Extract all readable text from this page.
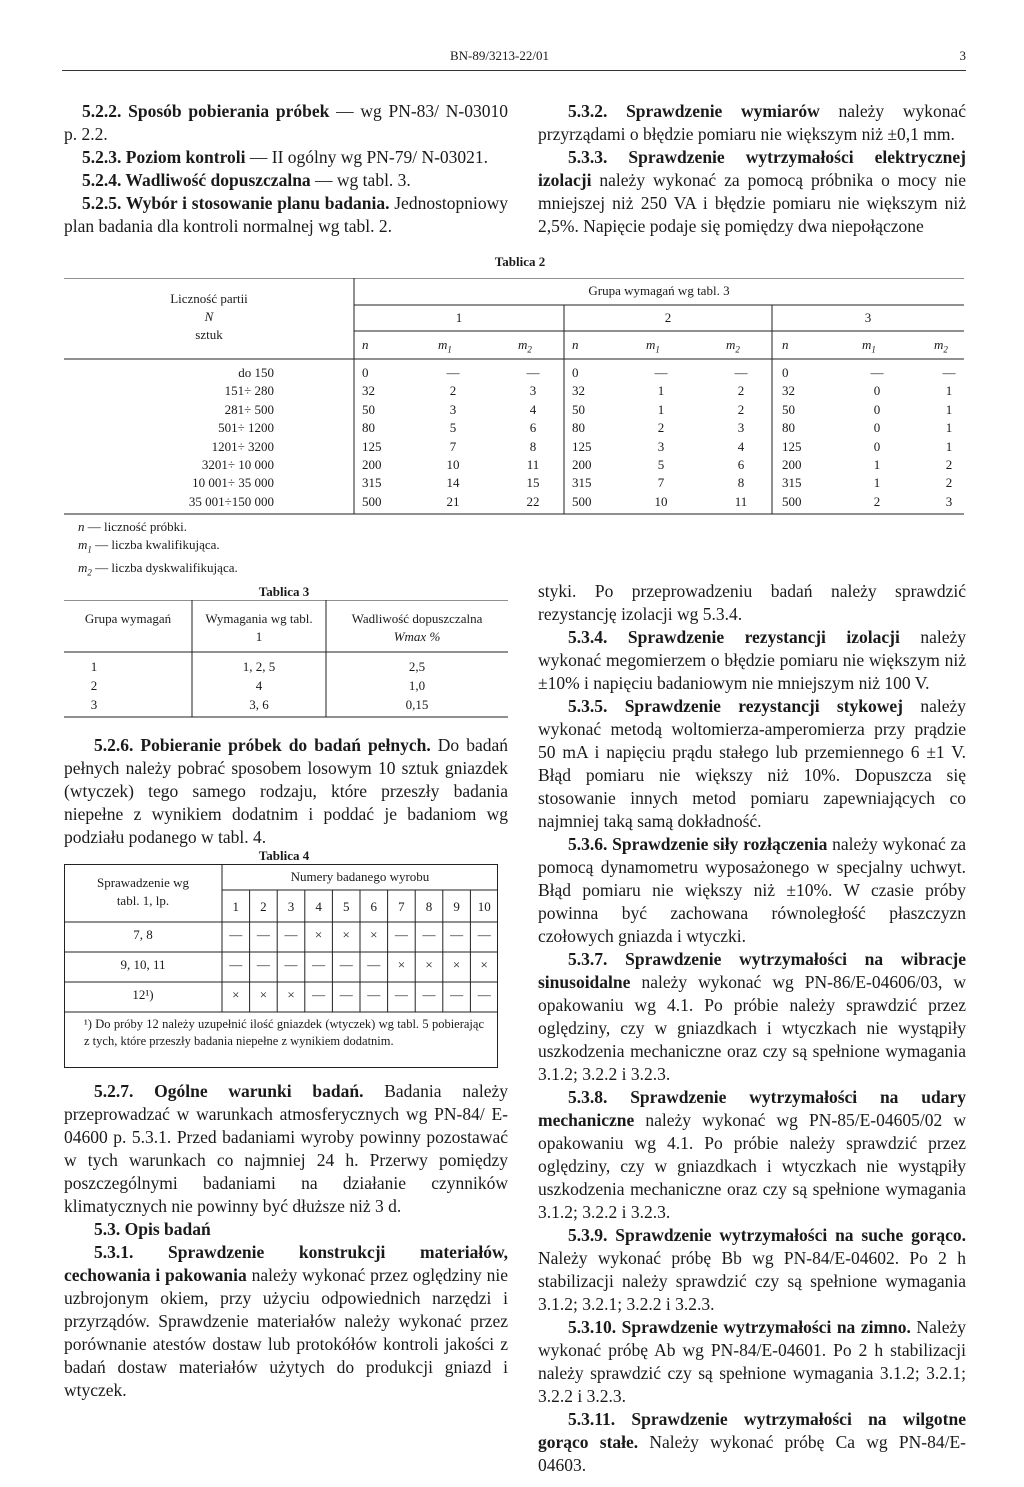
BN-89/3213-22/01	3

5.2.2. Sposób pobierania próbek — wg PN-83/ N-03010 p. 2.2.

5.2.3. Poziom kontroli — II ogólny wg PN-79/ N-03021.

5.2.4. Wadliwość dopuszczalna — wg tabl. 3.

5.2.5. Wybór i stosowanie planu badania. Jednostopniowy plan badania dla kontroli normalnej wg tabl. 2.

5.3.2. Sprawdzenie wymiarów należy wykonać przyrządami o błędzie pomiaru nie większym niż ±0,1 mm.

5.3.3. Sprawdzenie wytrzymałości elektrycznej izolacji należy wykonać za pomocą próbnika o mocy nie mniejszej niż 250 VA i błędzie pomiaru nie większym niż 2,5%. Napięcie podaje się pomiędzy dwa niepołączone

Tablica 2
Liczność partii
N
sztuk
Grupa wymagań wg tabl. 3
1	2	3
n	$m_1$	$m_2$	n	$m_1$	$m_2$	n	$m_1$	$m_2$
do 150	0	—	—	0	—	—	0	—	—
151÷ 280	32	2	3	32	1	2	32	0	1
281÷ 500	50	3	4	50	1	2	50	0	1
501÷ 1200	80	5	6	80	2	3	80	0	1
1201÷ 3200	125	7	8	125	3	4	125	0	1
3201÷ 10 000	200	10	11	200	5	6	200	1	2
10 001÷ 35 000	315	14	15	315	7	8	315	1	2
35 001÷150 000	500	21	22	500	10	11	500	2	3
n — liczność próbki.
$m_1$ — liczba kwalifikująca.
$m_2$ — liczba dyskwalifikująca.
Tablica 3
Grupa wymagań	Wymagania wg tabl. 1
Wadliwość dopuszczalna
Wmax %
1	1, 2, 5	2,5
2	4	1,0
3	3, 6	0,15

5.2.6. Pobieranie próbek do badań pełnych. Do badań pełnych należy pobrać sposobem losowym 10 sztuk gniazdek (wtyczek) tego samego rodzaju, które przeszły badania niepełne z wynikiem dodatnim i poddać je badaniom wg podziału podanego w tabl. 4.

Tablica 4
Sprawadzenie wg tabl. 1, lp.
Numery badanego wyrobu
1	2	3	4	5	6	7	8	9	10
7, 8	—	—	—	×	×	×	—	—	—	—
9, 10, 11	—	—	—	—	—	—	×	×	×	×
12¹)	×	×	×	—	—	—	—	—	—	—
¹) Do próby 12 należy uzupełnić ilość gniazdek (wtyczek) wg tabl. 5 pobierając z tych, które przeszły badania niepełne z wynikiem dodatnim.

5.2.7. Ogólne warunki badań. Badania należy przeprowadzać w warunkach atmosferycznych wg PN-84/ E-04600 p. 5.3.1. Przed badaniami wyroby powinny pozostawać w tych warunkach co najmniej 24 h. Przerwy pomiędzy poszczególnymi badaniami na działanie czynników klimatycznych nie powinny być dłuższe niż 3 d.

5.3. Opis badań

5.3.1. Sprawdzenie konstrukcji materiałów, cechowania i pakowania należy wykonać przez oględziny nie uzbrojonym okiem, przy użyciu odpowiednich narzędzi i przyrządów. Sprawdzenie materiałów należy wykonać przez porównanie atestów dostaw lub protokółów kontroli jakości z badań dostaw materiałów użytych do produkcji gniazd i wtyczek.

styki. Po przeprowadzeniu badań należy sprawdzić rezystancję izolacji wg 5.3.4.

5.3.4. Sprawdzenie rezystancji izolacji należy wykonać megomierzem o błędzie pomiaru nie większym niż ±10% i napięciu badaniowym nie mniejszym niż 100 V.

5.3.5. Sprawdzenie rezystancji stykowej należy wykonać metodą woltomierza-amperomierza przy prądzie 50 mA i napięciu prądu stałego lub przemiennego 6 ±1 V. Błąd pomiaru nie większy niż 10%. Dopuszcza się stosowanie innych metod pomiaru zapewniających co najmniej taką samą dokładność.

5.3.6. Sprawdzenie siły rozłączenia należy wykonać za pomocą dynamometru wyposażonego w specjalny uchwyt. Błąd pomiaru nie większy niż ±10%. W czasie próby powinna być zachowana równoległość płaszczyzn czołowych gniazda i wtyczki.

5.3.7. Sprawdzenie wytrzymałości na wibracje sinusoidalne należy wykonać wg PN-86/E-04606/03, w opakowaniu wg 4.1. Po próbie należy sprawdzić przez oględziny, czy w gniazdkach i wtyczkach nie wystąpiły uszkodzenia mechaniczne oraz czy są spełnione wymagania 3.1.2; 3.2.2 i 3.2.3.

5.3.8. Sprawdzenie wytrzymałości na udary mechaniczne należy wykonać wg PN-85/E-04605/02 w opakowaniu wg 4.1. Po próbie należy sprawdzić przez oględziny, czy w gniazdkach i wtyczkach nie wystąpiły uszkodzenia mechaniczne oraz czy są spełnione wymagania 3.1.2; 3.2.2 i 3.2.3.

5.3.9. Sprawdzenie wytrzymałości na suche gorąco. Należy wykonać próbę Bb wg PN-84/E-04602. Po 2 h stabilizacji należy sprawdzić czy są spełnione wymagania 3.1.2; 3.2.1; 3.2.2 i 3.2.3.

5.3.10. Sprawdzenie wytrzymałości na zimno. Należy wykonać próbę Ab wg PN-84/E-04601. Po 2 h stabilizacji należy sprawdzić czy są spełnione wymagania 3.1.2; 3.2.1; 3.2.2 i 3.2.3.

5.3.11. Sprawdzenie wytrzymałości na wilgotne gorąco stałe. Należy wykonać próbę Ca wg PN-84/E-04603.
